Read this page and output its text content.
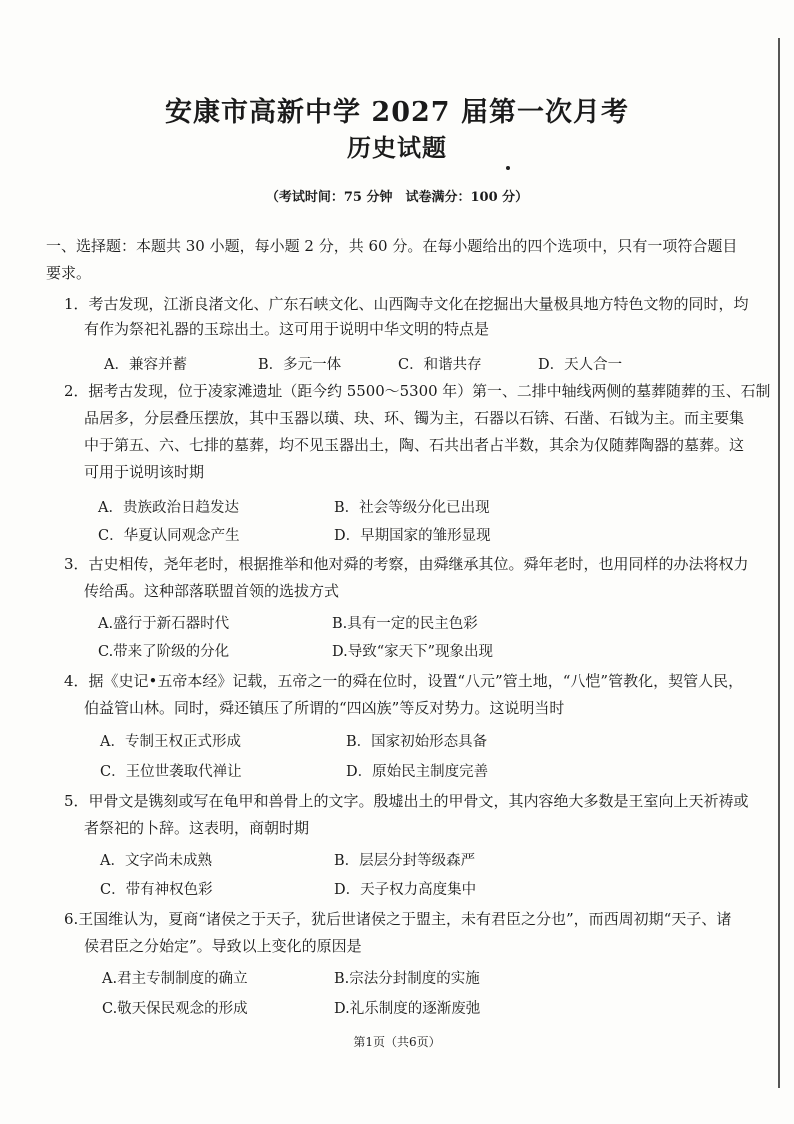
安康市高新中学 2027 届第一次月考
历史试题
（考试时间：75 分钟　试卷满分：100 分）
一、选择题：本题共 30 小题，每小题 2 分，共 60 分。在每小题给出的四个选项中，只有一项符合题目
要求。
1．考古发现，江浙良渚文化、广东石峡文化、山西陶寺文化在挖掘出大量极具地方特色文物的同时，均
有作为祭祀礼器的玉琮出土。这可用于说明中华文明的特点是
A．兼容并蓄	B．多元一体	C．和谐共存	D．天人合一
2．据考古发现，位于凌家滩遗址（距今约 5500～5300 年）第一、二排中轴线两侧的墓葬随葬的玉、石制
品居多，分层叠压摆放，其中玉器以璜、玦、环、镯为主，石器以石锛、石凿、石钺为主。而主要集
中于第五、六、七排的墓葬，均不见玉器出土，陶、石共出者占半数，其余为仅随葬陶器的墓葬。这
可用于说明该时期
A．贵族政治日趋发达	B．社会等级分化已出现
C．华夏认同观念产生	D．早期国家的雏形显现
3．古史相传，尧年老时，根据推举和他对舜的考察，由舜继承其位。舜年老时，也用同样的办法将权力
传给禹。这种部落联盟首领的选拔方式
A.盛行于新石器时代	B.具有一定的民主色彩
C.带来了阶级的分化	D.导致“家天下”现象出现
4．据《史记•五帝本经》记载，五帝之一的舜在位时，设置“八元”管土地，“八恺”管教化，契管人民，
伯益管山林。同时，舜还镇压了所谓的“四凶族”等反对势力。这说明当时
A．专制王权正式形成	B．国家初始形态具备
C．王位世袭取代禅让	D．原始民主制度完善
5．甲骨文是镌刻或写在龟甲和兽骨上的文字。殷墟出土的甲骨文，其内容绝大多数是王室向上天祈祷或
者祭祀的卜辞。这表明，商朝时期
A．文字尚未成熟	B．层层分封等级森严
C．带有神权色彩	D．天子权力高度集中
6.王国维认为，夏商“诸侯之于天子，犹后世诸侯之于盟主，未有君臣之分也”，而西周初期“天子、诸
侯君臣之分始定”。导致以上变化的原因是
A.君主专制制度的确立	B.宗法分封制度的实施
C.敬天保民观念的形成	D.礼乐制度的逐渐废弛
第1页（共6页）
